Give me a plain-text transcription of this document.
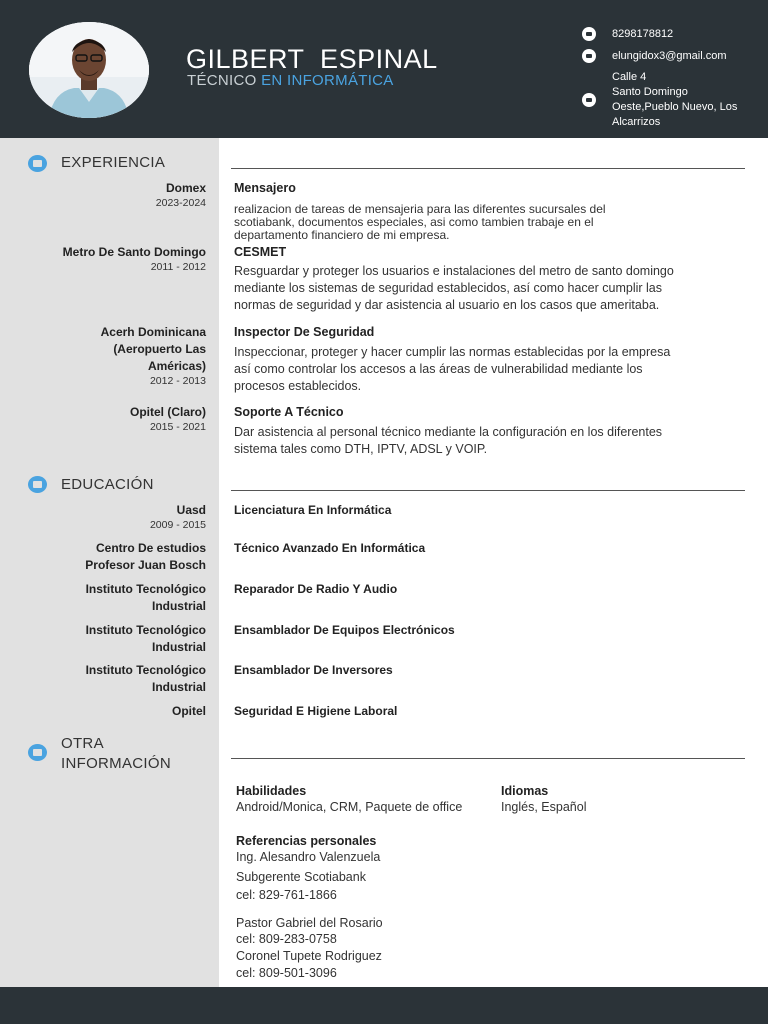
GILBERT  ESPINAL
TÉCNICO EN INFORMÁTICA
8298178812
elungidox3@gmail.com
Calle 4
Santo Domingo
Oeste,Pueblo Nuevo, Los
Alcarrizos
EXPERIENCIA
Domex
2023-2024
Mensajero
realizacion de tareas de mensajeria para las diferentes sucursales del
scotiabank, documentos especiales, asi como tambien trabaje en el
departamento financiero de mi empresa.
Metro De Santo Domingo
2011 - 2012
CESMET
Resguardar y proteger los usuarios e instalaciones del metro de santo domingo
mediante los sistemas de seguridad establecidos, así como hacer cumplir las
normas de seguridad y dar asistencia al usuario en los casos que ameritaba.
Acerh Dominicana
(Aeropuerto Las
Américas)
2012 - 2013
Inspector De Seguridad
Inspeccionar, proteger y hacer cumplir las normas establecidas por la empresa
así como controlar los accesos a las áreas de vulnerabilidad mediante los
procesos establecidos.
Opitel (Claro)
2015 - 2021
Soporte A Técnico
Dar asistencia al personal técnico mediante la configuración en los diferentes
sistema tales como DTH, IPTV, ADSL y VOIP.
EDUCACIÓN
Uasd
2009 - 2015
Licenciatura En Informática
Centro De estudios
Profesor Juan Bosch
Técnico Avanzado En Informática
Instituto Tecnológico
Industrial
Reparador De Radio Y Audio
Instituto Tecnológico
Industrial
Ensamblador De Equipos Electrónicos
Instituto Tecnológico
Industrial
Ensamblador De Inversores
Opitel Seguridad E Higiene Laboral
OTRA
INFORMACIÓN
Habilidades
Android/Monica, CRM, Paquete de office
Idiomas
Inglés, Español
Referencias personales
Ing. Alesandro Valenzuela
Subgerente Scotiabank
cel: 829-761-1866
Pastor Gabriel del Rosario
cel: 809-283-0758
Coronel Tupete Rodriguez
cel: 809-501-3096
